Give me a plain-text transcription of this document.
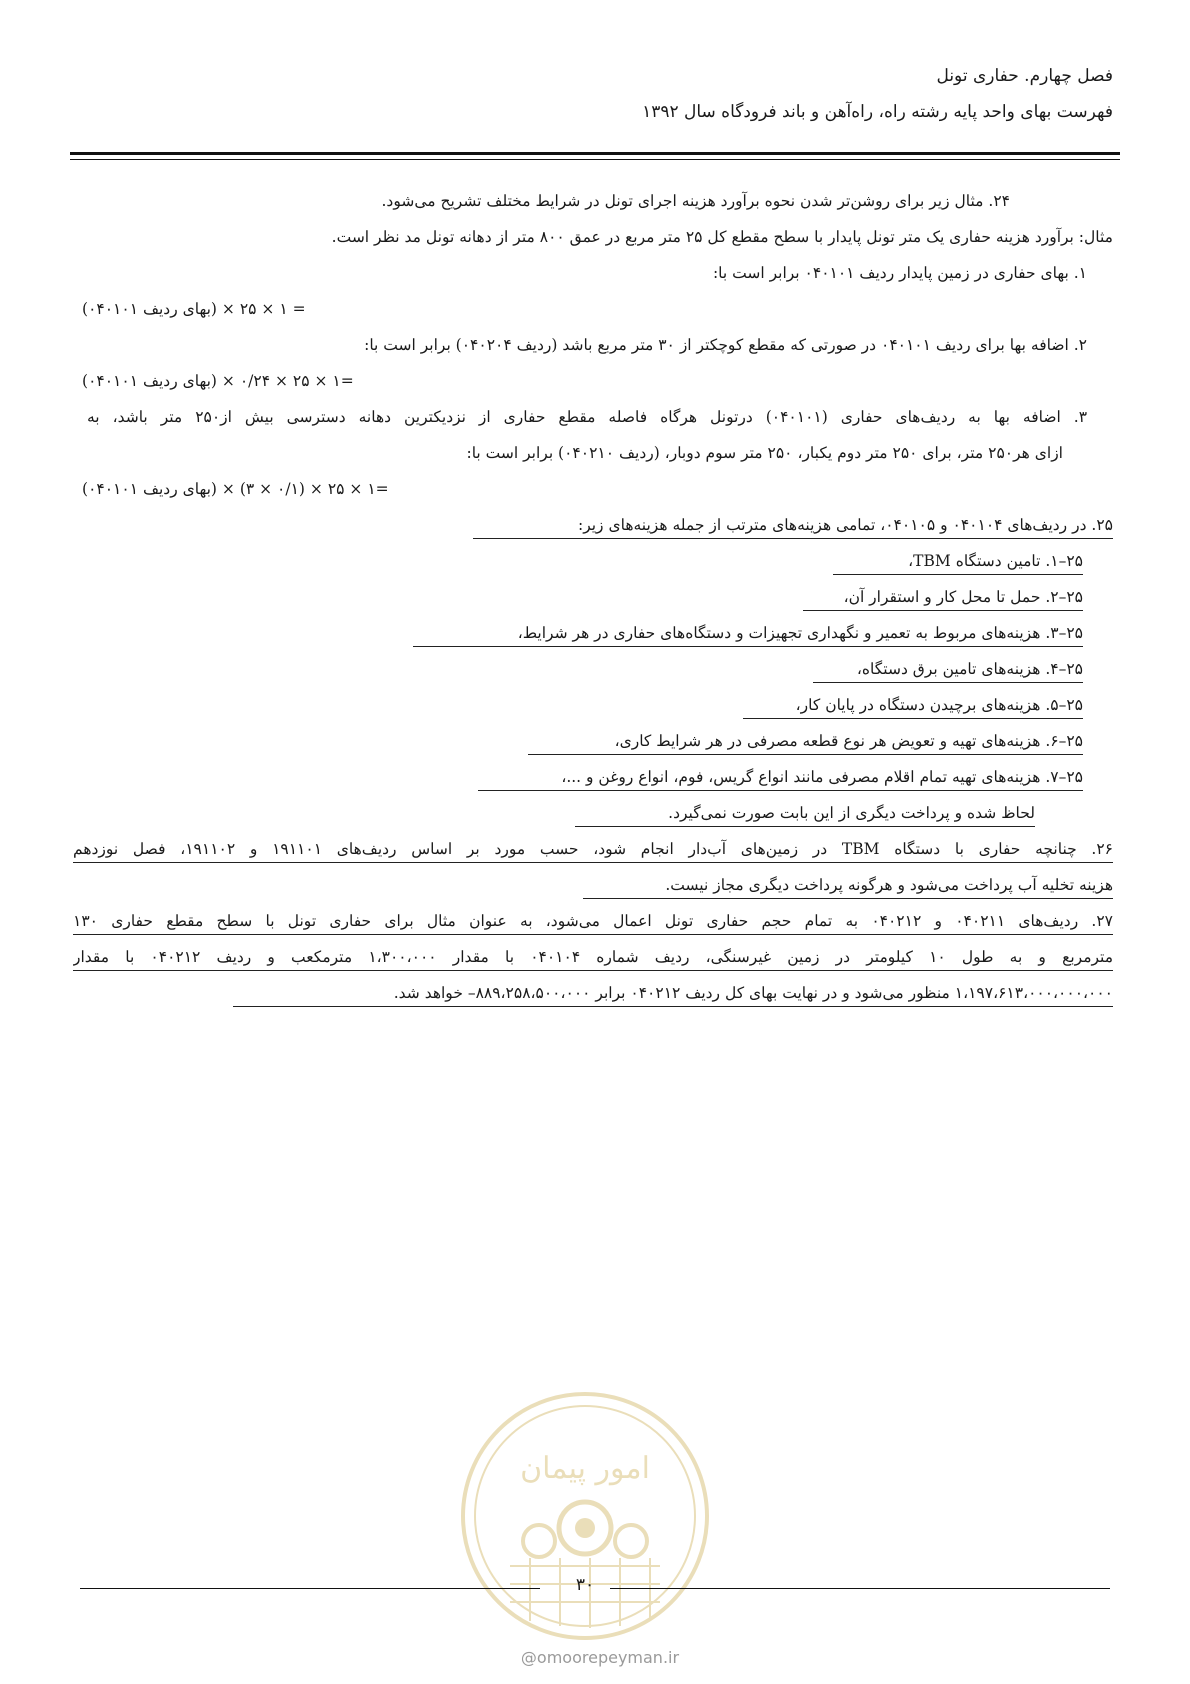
فصل چهارم. حفاری تونل
فهرست بهای واحد پایه رشته راه، راه‌آهن و باند فرودگاه سال ۱۳۹۲
۲۴. مثال زیر برای روشن‌تر شدن نحوه برآورد هزینه اجرای تونل در شرایط مختلف تشریح می‌شود.
مثال: برآورد هزینه حفاری یک متر تونل پایدار با سطح مقطع کل ۲۵ متر مربع در عمق ۸۰۰ متر از دهانه تونل مد نظر است.
۱. بهای حفاری در زمین پایدار ردیف ۰۴۰۱۰۱ برابر است با:
= ۱ × ۲۵ × (بهای ردیف ۰۴۰۱۰۱)
۲. اضافه بها برای ردیف ۰۴۰۱۰۱ در صورتی که مقطع کوچکتر از ۳۰ متر مربع باشد (ردیف ۰۴۰۲۰۴) برابر است با:
=۱ × ۲۵ × ۰/۲۴ × (بهای ردیف ۰۴۰۱۰۱)
۳. اضافه بها به ردیف‌های حفاری (۰۴۰۱۰۱) درتونل هرگاه فاصله مقطع حفاری از نزدیکترین دهانه دسترسی بیش از۲۵۰ متر باشد، به
ازای هر۲۵۰ متر، برای ۲۵۰ متر دوم یکبار، ۲۵۰ متر سوم دوبار، (ردیف ۰۴۰۲۱۰) برابر است با:
=۱ × ۲۵ × (۰/۱ × ۳) × (بهای ردیف ۰۴۰۱۰۱)
۲۵. در ردیف‌های ۰۴۰۱۰۴ و ۰۴۰۱۰۵، تمامی هزینه‌های مترتب از جمله هزینه‌های زیر:
۲۵–۱. تامین دستگاه TBM،
۲۵–۲. حمل تا محل کار و استقرار آن،
۲۵–۳. هزینه‌های مربوط به تعمیر و نگهداری تجهیزات و دستگاه‌های حفاری در هر شرایط،
۲۵–۴. هزینه‌های تامین برق دستگاه،
۲۵–۵. هزینه‌های برچیدن دستگاه در پایان کار،
۲۵–۶. هزینه‌های تهیه و تعویض هر نوع قطعه مصرفی در هر شرایط کاری،
۲۵–۷. هزینه‌های تهیه تمام اقلام مصرفی مانند انواع گریس، فوم، انواع روغن و ...،
لحاظ شده و پرداخت دیگری از این بابت صورت نمی‌گیرد.
۲۶. چنانچه حفاری با دستگاه TBM در زمین‌های آب‌دار انجام شود، حسب مورد بر اساس ردیف‌های ۱۹۱۱۰۱ و ۱۹۱۱۰۲، فصل نوزدهم
هزینه تخلیه آب پرداخت می‌شود و هرگونه پرداخت دیگری مجاز نیست.
۲۷. ردیف‌های ۰۴۰۲۱۱ و ۰۴۰۲۱۲ به تمام حجم حفاری تونل اعمال می‌شود، به عنوان مثال برای حفاری تونل با سطح مقطع حفاری ۱۳۰
مترمربع و به طول ۱۰ کیلومتر در زمین غیرسنگی، ردیف شماره ۰۴۰۱۰۴ با مقدار ۱،۳۰۰،۰۰۰ مترمکعب و ردیف ۰۴۰۲۱۲ با مقدار
۱،۱۹۷،۶۱۳،۰۰۰،۰۰۰،۰۰۰ منظور می‌شود و در نهایت بهای کل ردیف ۰۴۰۲۱۲ برابر ۸۸۹،۲۵۸،۵۰۰،۰۰۰– خواهد شد.
امور پیمان
۳۰
@omoorepeyman.ir
